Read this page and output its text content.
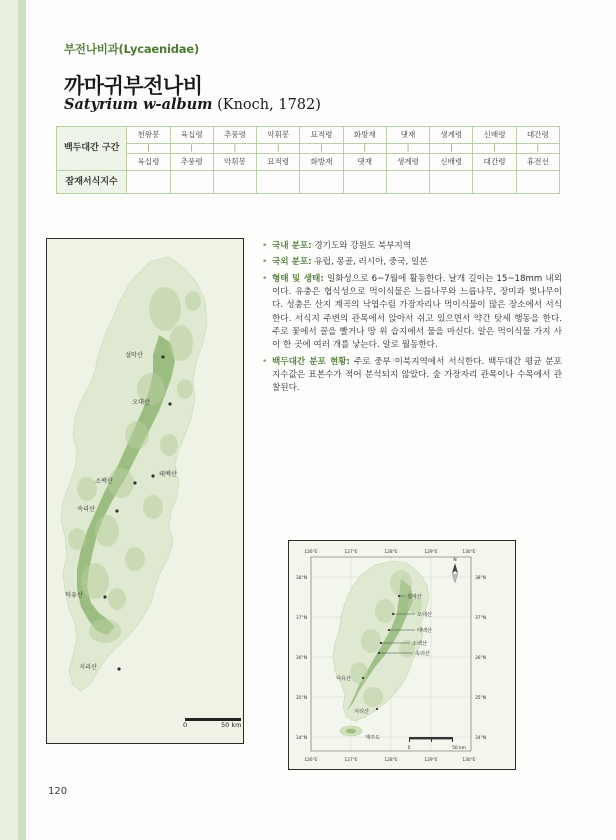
부전나비과(Lycaenidae)
까마귀부전나비
Satyrium w-album (Knoch, 1782)
백두대간 구간	천왕봉	육십령	추풍령	악휘봉	묘적령	화방재	댓재	생계령	신배령	대간령
	|	|	|	|	|	|	|	|	|	|
	육십령	추풍령	악휘봉	묘적령	화방재	댓재	생계령	신배령	대간령	휴전선
잠재서식지수										
설악산
오대산
소백산
태백산
속리산
덕유산
지리산
0	50 km
• 국내 분포: 경기도와 강원도 북부지역
• 국외 분포: 유럽, 몽골, 러시아, 중국, 일본
• 형태 및 생태: 일화성으로 6~7월에 활동한다. 날개 길이는 15~18mm 내외이다. 유충은 협식성으로 먹이식물은 느릅나무와 느릅나무, 장미과 벚나무이다. 성충은 산지 계곡의 낙엽수림 가장자리나 먹이식물이 많은 장소에서 서식한다. 서식지 주변의 관목에서 앉아서 쉬고 있으면서 약간 탓세 행동을 한다. 주로 꽃에서 꿀을 빨거나 땅 위 습지에서 물을 마신다. 알은 먹이식물 가지 사이 한 곳에 여러 개를 낳는다. 알로 월동한다.
• 백두대간 분포 현황: 주로 중부 이북지역에서 서식한다. 백두대간 평균 분포 지수값은 표본수가 적어 분석되지 않았다. 숲 가장자리 관목이나 수목에서 관찰된다.
설악산
오대산
태백산
소백산
속리산
덕유산
지리산
제주도
N
0	50 km
126°E	127°E	128°E	129°E	130°E
126°E	127°E	128°E	129°E	130°E
38°N
37°N
36°N
35°N
34°N
38°N
37°N
36°N
35°N
34°N
120
